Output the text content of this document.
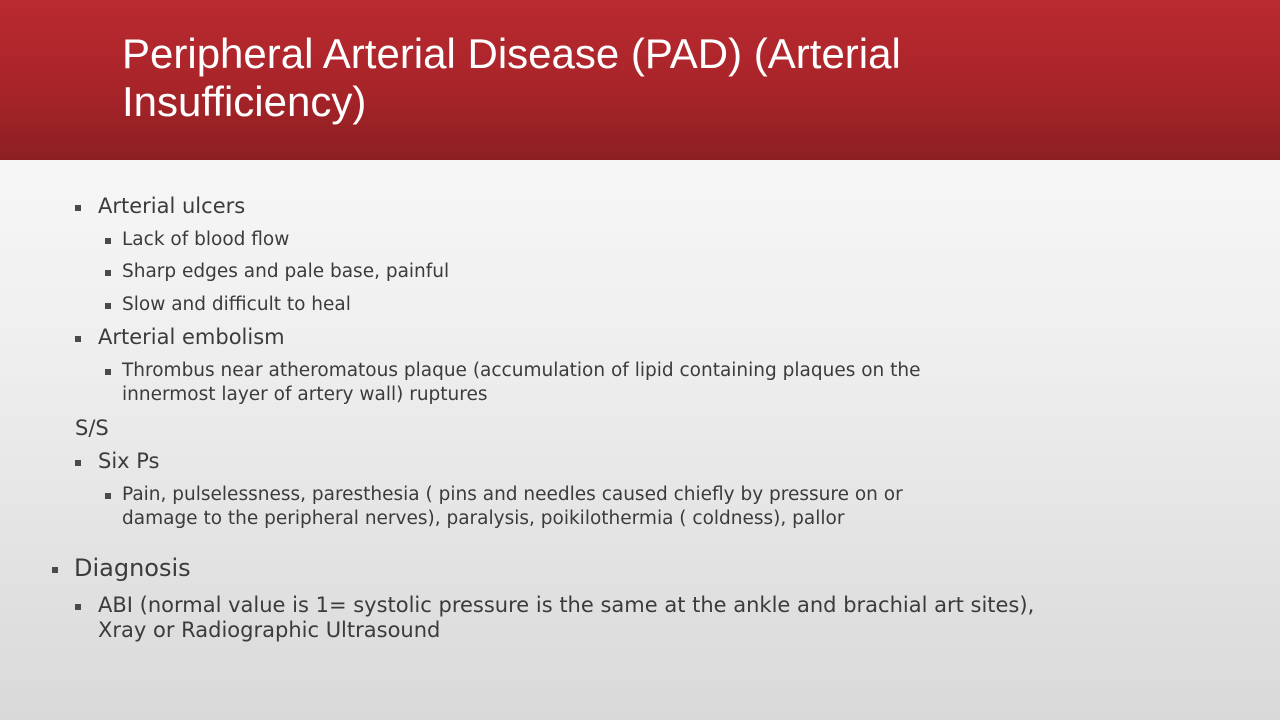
Peripheral Arterial Disease (PAD) (Arterial Insufficiency)
Arterial ulcers
Lack of blood flow
Sharp edges and pale base, painful
Slow and difficult to heal
Arterial embolism
Thrombus near atheromatous plaque (accumulation of lipid containing plaques on the
innermost layer of artery wall) ruptures
S/S
Six Ps
Pain, pulselessness, paresthesia ( pins and needles caused chiefly by pressure on or
damage to the peripheral nerves), paralysis, poikilothermia ( coldness), pallor
Diagnosis
ABI (normal value is 1= systolic pressure is the same at the ankle and brachial art sites),
Xray or Radiographic Ultrasound
